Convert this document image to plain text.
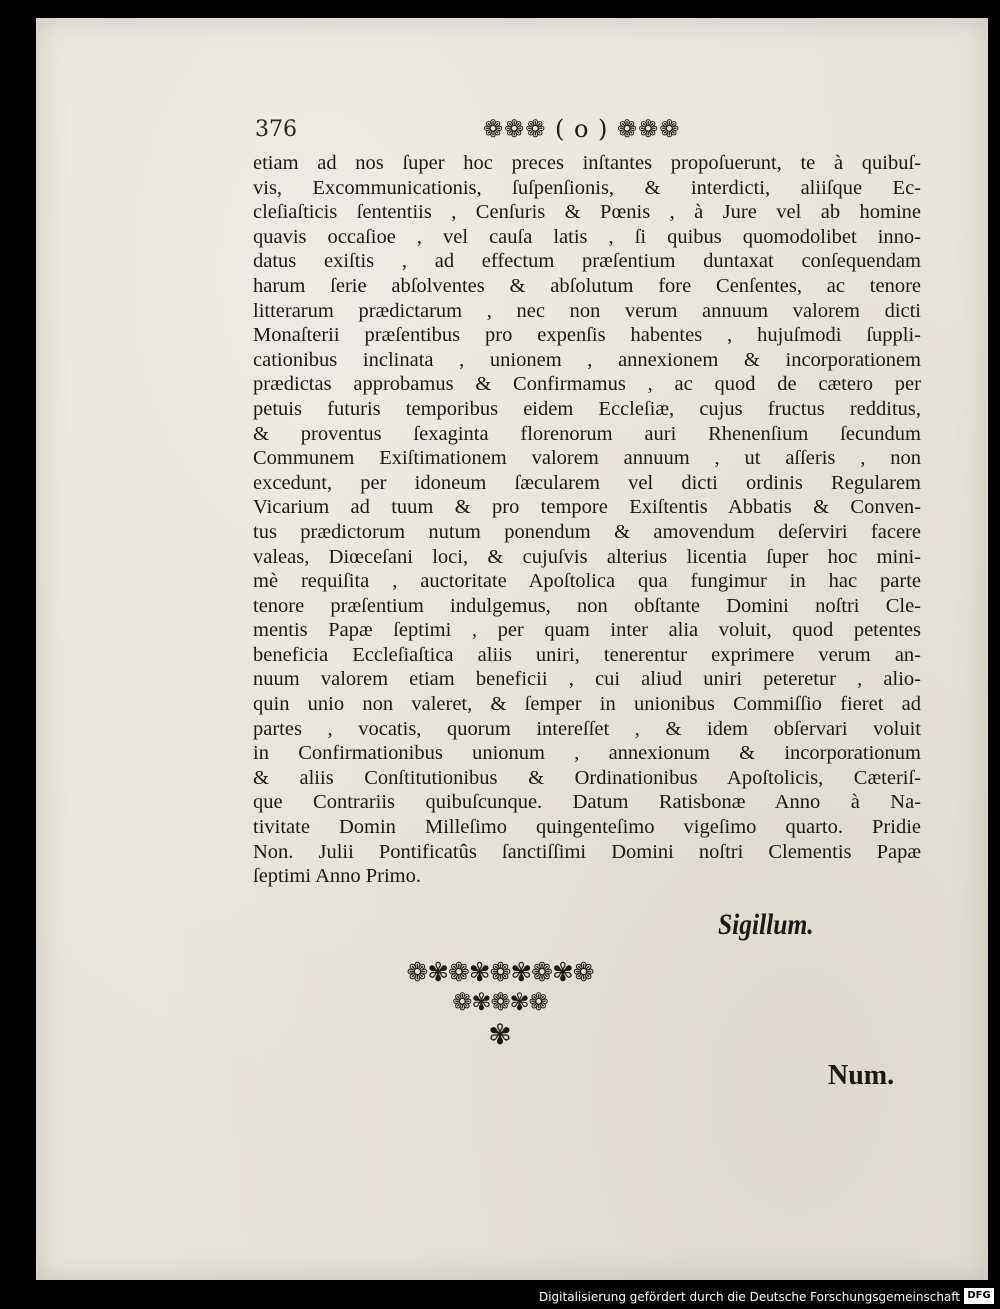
376	❁❁❁ ( o ) ❁❁❁
etiam ad nos ſuper hoc preces inſtantes propoſuerunt, te à quibuſ-
vis, Excommunicationis, ſuſpenſionis, & interdicti, aliiſque Ec-
cleſiaſticis ſententiis , Cenſuris & Pœnis , à Jure vel ab homine
quavis occaſioe , vel cauſa latis , ſi quibus quomodolibet inno-
datus exiſtis , ad effectum præſentium duntaxat conſequendam
harum ſerie abſolventes & abſolutum fore Cenſentes, ac tenore
litterarum prædictarum , nec non verum annuum valorem dicti
Monaſterii præſentibus pro expenſis habentes , hujuſmodi ſuppli-
cationibus inclinata , unionem , annexionem & incorporationem
prædictas approbamus & Confirmamus , ac quod de cætero per
petuis futuris temporibus eidem Eccleſiæ, cujus fructus redditus,
& proventus ſexaginta florenorum auri Rhenenſium ſecundum
Communem Exiſtimationem valorem annuum , ut aſſeris , non
excedunt, per idoneum ſæcularem vel dicti ordinis Regularem
Vicarium ad tuum & pro tempore Exiſtentis Abbatis & Conven-
tus prædictorum nutum ponendum & amovendum deſerviri facere
valeas, Diœceſani loci, & cujuſvis alterius licentia ſuper hoc mini-
mè requiſita , auctoritate Apoſtolica qua fungimur in hac parte
tenore præſentium indulgemus, non obſtante Domini noſtri Cle-
mentis Papæ ſeptimi , per quam inter alia voluit, quod petentes
beneficia Eccleſiaſtica aliis uniri, tenerentur exprimere verum an-
nuum valorem etiam beneficii , cui aliud uniri peteretur , alio-
quin unio non valeret, & ſemper in unionibus Commiſſio fieret ad
partes , vocatis, quorum intereſſet , & idem obſervari voluit
in Confirmationibus unionum , annexionum & incorporationum
& aliis Conſtitutionibus & Ordinationibus Apoſtolicis, Cæteriſ-
que Contrariis quibuſcunque. Datum Ratisbonæ Anno à Na-
tivitate Domin Milleſimo quingenteſimo vigeſimo quarto. Pridie
Non. Julii Pontificatûs ſanctiſſimi Domini noſtri Clementis Papæ
ſeptimi Anno Primo.
Sigillum.
❁✾❁✾❁✾❁✾❁
❁✾❁✾❁
✾
Num.
Digitalisierung gefördert durch die Deutsche Forschungsgemeinschaft DFG
